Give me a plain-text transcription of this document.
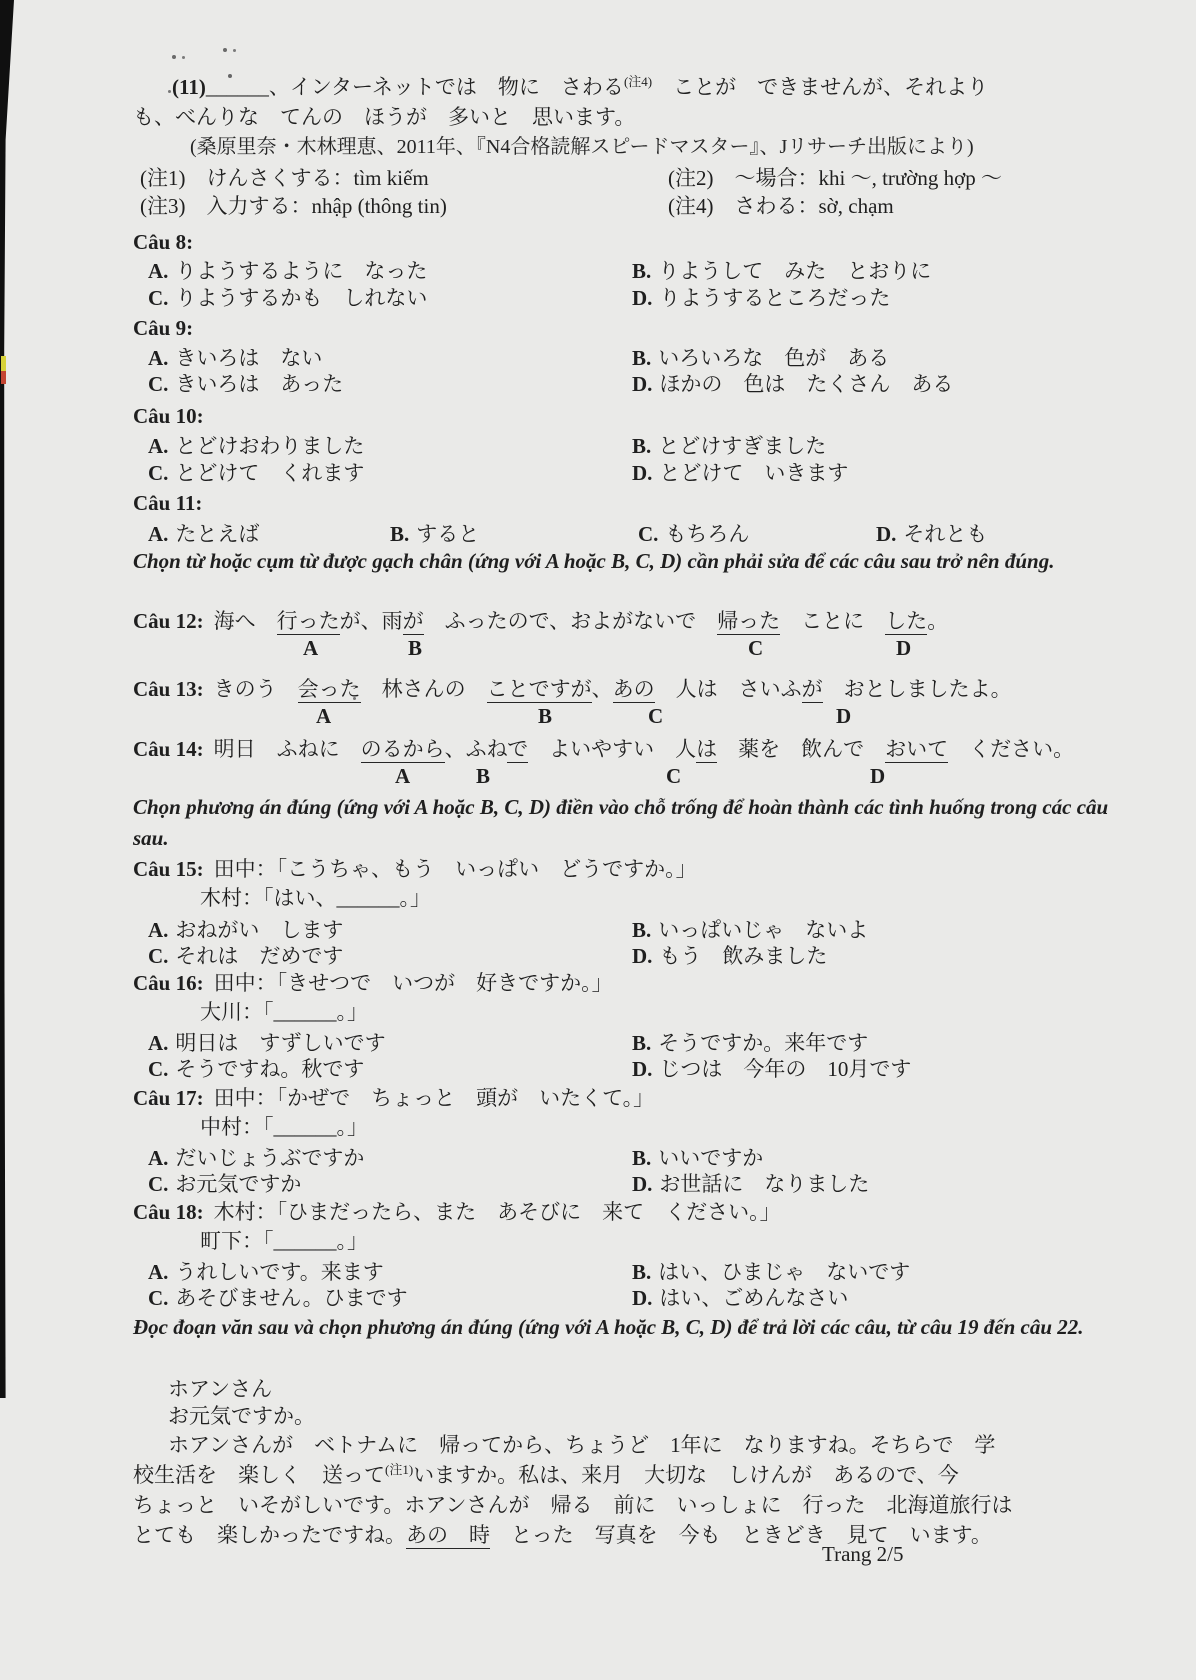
(11)______、インターネットでは　物に　さわる$^{(注4)}$　ことが　できませんが、それより
も、べんりな　てんの　ほうが　多いと　思います。
(桑原里奈・木林理恵、2011年、『N4合格読解スピードマスター』、Jリサーチ出版により)
(注1)　 けんさくする：tìm kiếm	(注2)　 ～場合：khi ～, trường hợp ～
(注3)　 入力する：nhập (thông tin)	(注4)　 さわる：sờ, chạm
Câu 8:
A. りようするように　なった	B. りようして　みた　とおりに
C. りようするかも　しれない	D. りようするところだった
Câu 9:
A. きいろは　ない	B. いろいろな　色が　ある
C. きいろは　あった	D. ほかの　色は　たくさん　ある
Câu 10:
A. とどけおわりました	B. とどけすぎました
C. とどけて　くれます	D. とどけて　いきます
Câu 11:
A. たとえば	B. すると	C. もちろん	D. それとも
Chọn từ hoặc cụm từ được gạch chân (ứng với A hoặc B, C, D) cần phải sửa để các câu sau trở nên đúng.
Câu 12: 海へ　行ったが、雨が　ふったので、およがないで　帰った　ことに　した。
A	B	C	D
Câu 13: きのう　会った　林さんの　ことですが、あの　人は　さいふが　おとしましたよ。
A	B	C	D
Câu 14: 明日　ふねに　のるから、ふねで　よいやすい　人は　薬を　飲んで　おいて　ください。
A	B	C	D
Chọn phương án đúng (ứng với A hoặc B, C, D) điền vào chỗ trống để hoàn thành các tình huống trong các câu sau.
Câu 15: 田中：「こうちゃ、もう　いっぱい　どうですか。」
木村：「はい、______。」
A. おねがい　します	B. いっぱいじゃ　ないよ
C. それは　だめです	D. もう　飲みました
Câu 16: 田中：「きせつで　いつが　好きですか。」
大川：「______。」
A. 明日は　すずしいです	B. そうですか。来年です
C. そうですね。秋です	D. じつは　今年の　10月です
Câu 17: 田中：「かぜで　ちょっと　頭が　いたくて。」
中村：「______。」
A. だいじょうぶですか	B. いいですか
C. お元気ですか	D. お世話に　なりました
Câu 18: 木村：「ひまだったら、また　あそびに　来て　ください。」
町下：「______。」
A. うれしいです。来ます	B. はい、ひまじゃ　ないです
C. あそびません。ひまです	D. はい、ごめんなさい
Đọc đoạn văn sau và chọn phương án đúng (ứng với A hoặc B, C, D) để trả lời các câu, từ câu 19 đến câu 22.
ホアンさん
お元気ですか。
ホアンさんが　ベトナムに　帰ってから、ちょうど　1年に　なりますね。そちらで　学
校生活を　楽しく　送って$^{(注1)}$いますか。私は、来月　大切な　しけんが　あるので、今
ちょっと　いそがしいです。ホアンさんが　帰る　前に　いっしょに　行った　北海道旅行は
とても　楽しかったですね。あの　時　とった　写真を　今も　ときどき　見て　います。
Trang 2/5
